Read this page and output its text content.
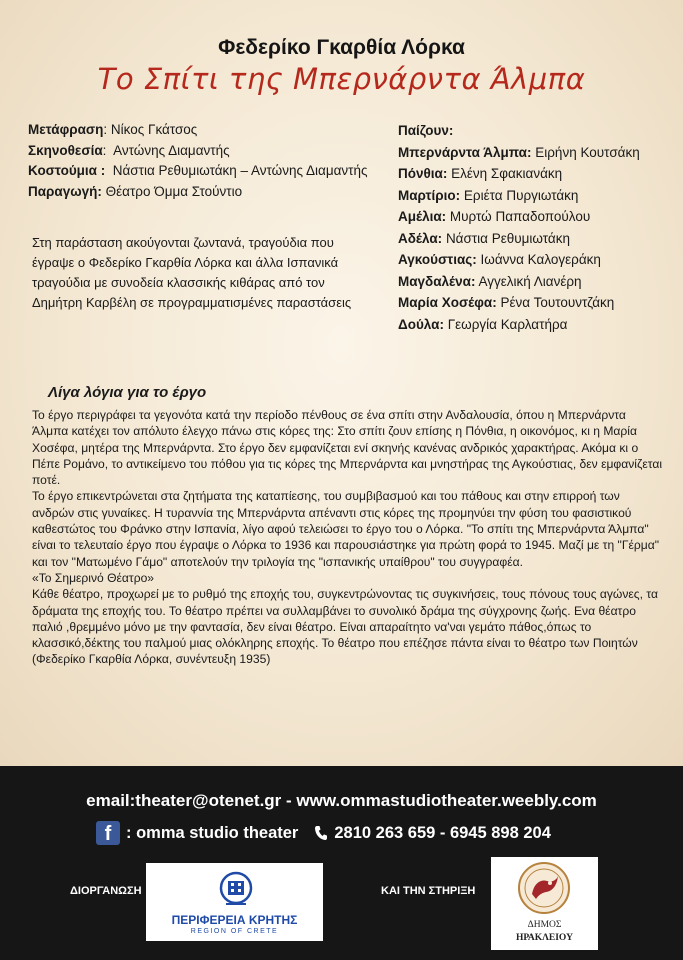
Φεδερίκο Γκαρθία Λόρκα
Το Σπίτι της Μπερνάρντα Άλμπα
Μετάφραση: Νίκος Γκάτσος
Σκηνοθεσία:  Αντώνης Διαμαντής
Κοστούμια : Νάστια Ρεθυμιωτάκη – Αντώνης Διαμαντής
Παραγωγή: Θέατρο Όμμα Στούντιο
Στη παράσταση ακούγονται ζωντανά, τραγούδια που έγραψε ο Φεδερίκο Γκαρθία Λόρκα και άλλα Ισπανικά τραγούδια με συνοδεία κλασσικής κιθάρας από τον Δημήτρη Καρβέλη σε προγραμματισμένες παραστάσεις
Παίζουν:
Μπερνάρντα Άλμπα: Ειρήνη Κουτσάκη
Πόνθια: Ελένη Σφακιανάκη
Μαρτίριο: Εριέτα Πυργιωτάκη
Αμέλια: Μυρτώ Παπαδοπούλου
Αδέλα: Νάστια Ρεθυμιωτάκη
Αγκούστιας: Ιωάννα Καλογεράκη
Μαγδαλένα: Αγγελική Λιανέρη
Μαρία Χοσέφα: Ρένα Τουτουντζάκη
Δούλα: Γεωργία Καρλατήρα
Λίγα λόγια για το έργο

Το έργο περιγράφει τα γεγονότα κατά την περίοδο πένθους σε ένα σπίτι στην Ανδαλουσία, όπου η Μπερνάρντα Άλμπα κατέχει τον απόλυτο έλεγχο πάνω στις κόρες της: Στο σπίτι ζουν επίσης η Πόνθια, η οικονόμος, κι η Μαρία Χοσέφα, μητέρα της Μπερνάρντα. Στο έργο δεν εμφανίζεται ενί σκηνής κανένας ανδρικός χαρακτήρας. Ακόμα κι ο Πέπε Ρομάνο, το αντικείμενο του πόθου για τις κόρες της Μπερνάρντα και μνηστήρας της Αγκούστιας, δεν εμφανίζεται ποτέ.

Το έργο επικεντρώνεται στα ζητήματα της καταπίεσης, του συμβιβασμού και του πάθους και στην επιρροή των ανδρών στις γυναίκες. Η τυραννία της Μπερνάρντα απέναντι στις κόρες της προμηνύει την φύση του φασιστικού καθεστώτος του Φράνκο στην Ισπανία, λίγο αφού τελειώσει το έργο του ο Λόρκα. "Το σπίτι της Μπερνάρντα Άλμπα" είναι το τελευταίο έργο που έγραψε ο Λόρκα το 1936 και παρουσιάστηκε για πρώτη φορά το 1945. Μαζί με τη "Γέρμα" και τον "Ματωμένο Γάμο" αποτελούν την τριλογία της "ισπανικής υπαίθρου" του συγγραφέα.

«Το Σημερινό Θέατρο»

Κάθε θέατρο, προχωρεί με το ρυθμό της εποχής του, συγκεντρώνοντας τις συγκινήσεις, τους πόνους τους αγώνες, τα δράματα της εποχής του. Το θέατρο πρέπει να συλλαμβάνει το συνολικό δράμα της σύγχρονης ζωής. Ενα θέατρο παλιό ,θρεμμένο μόνο με την φαντασία, δεν είναι θέατρο. Είναι απαραίτητο να'ναι γεμάτο πάθος,όπως το κλασσικό,δέκτης του παλμού μιας ολόκληρης εποχής. Το θέατρο που επέζησε πάντα είναι το θέατρο των Ποιητών (Φεδερίκο Γκαρθία Λόρκα, συνέντευξη 1935)

email:theater@otenet.gr - www.ommastudiotheater.weebly.com
f : omma studio theater 2810 263 659 - 6945 898 204
ΔΙΟΡΓΑΝΩΣΗ
ΠΕΡΙΦΕΡΕΙΑ ΚΡΗΤΗΣ
REGION OF CRETE
ΚΑΙ ΤΗΝ ΣΤΗΡΙΞΗ
ΔΗΜΟΣ
ΗΡΑΚΛΕΙΟΥ
